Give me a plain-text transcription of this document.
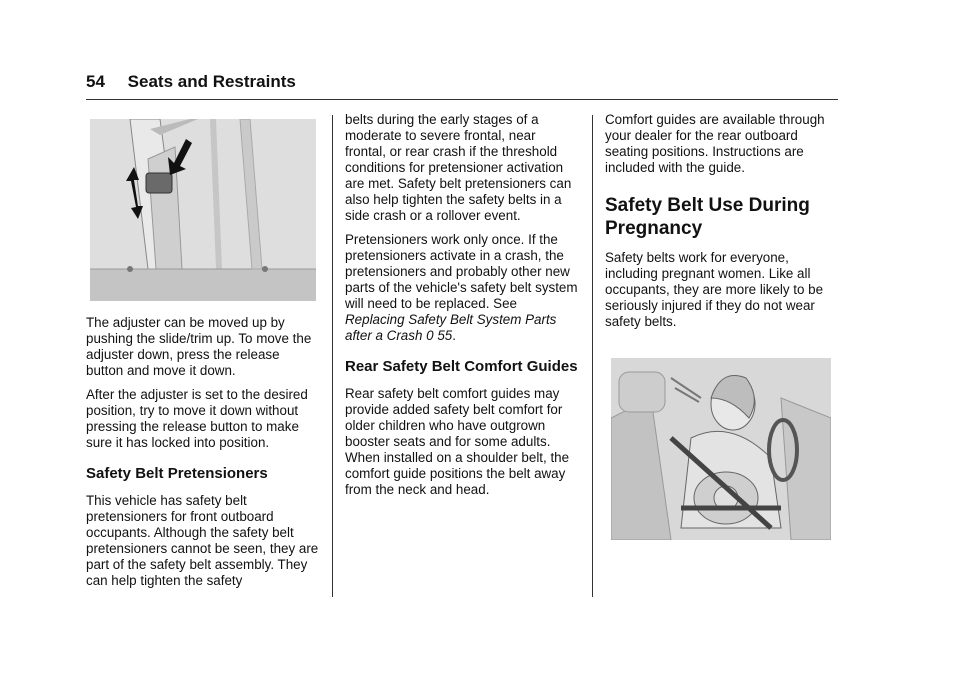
54 Seats and Restraints

The adjuster can be moved up by pushing the slide/trim up. To move the adjuster down, press the release button and move it down.

After the adjuster is set to the desired position, try to move it down without pressing the release button to make sure it has locked into position.

Safety Belt Pretensioners

This vehicle has safety belt pretensioners for front outboard occupants. Although the safety belt pretensioners cannot be seen, they are part of the safety belt assembly. They can help tighten the safety

belts during the early stages of a moderate to severe frontal, near frontal, or rear crash if the threshold conditions for pretensioner activation are met. Safety belt pretensioners can also help tighten the safety belts in a side crash or a rollover event.

Pretensioners work only once. If the pretensioners activate in a crash, the pretensioners and probably other new parts of the vehicle's safety belt system will need to be replaced. See Replacing Safety Belt System Parts after a Crash 0 55.

Rear Safety Belt Comfort Guides

Rear safety belt comfort guides may provide added safety belt comfort for older children who have outgrown booster seats and for some adults. When installed on a shoulder belt, the comfort guide positions the belt away from the neck and head.

Comfort guides are available through your dealer for the rear outboard seating positions. Instructions are included with the guide.

Safety Belt Use During Pregnancy

Safety belts work for everyone, including pregnant women. Like all occupants, they are more likely to be seriously injured if they do not wear safety belts.
